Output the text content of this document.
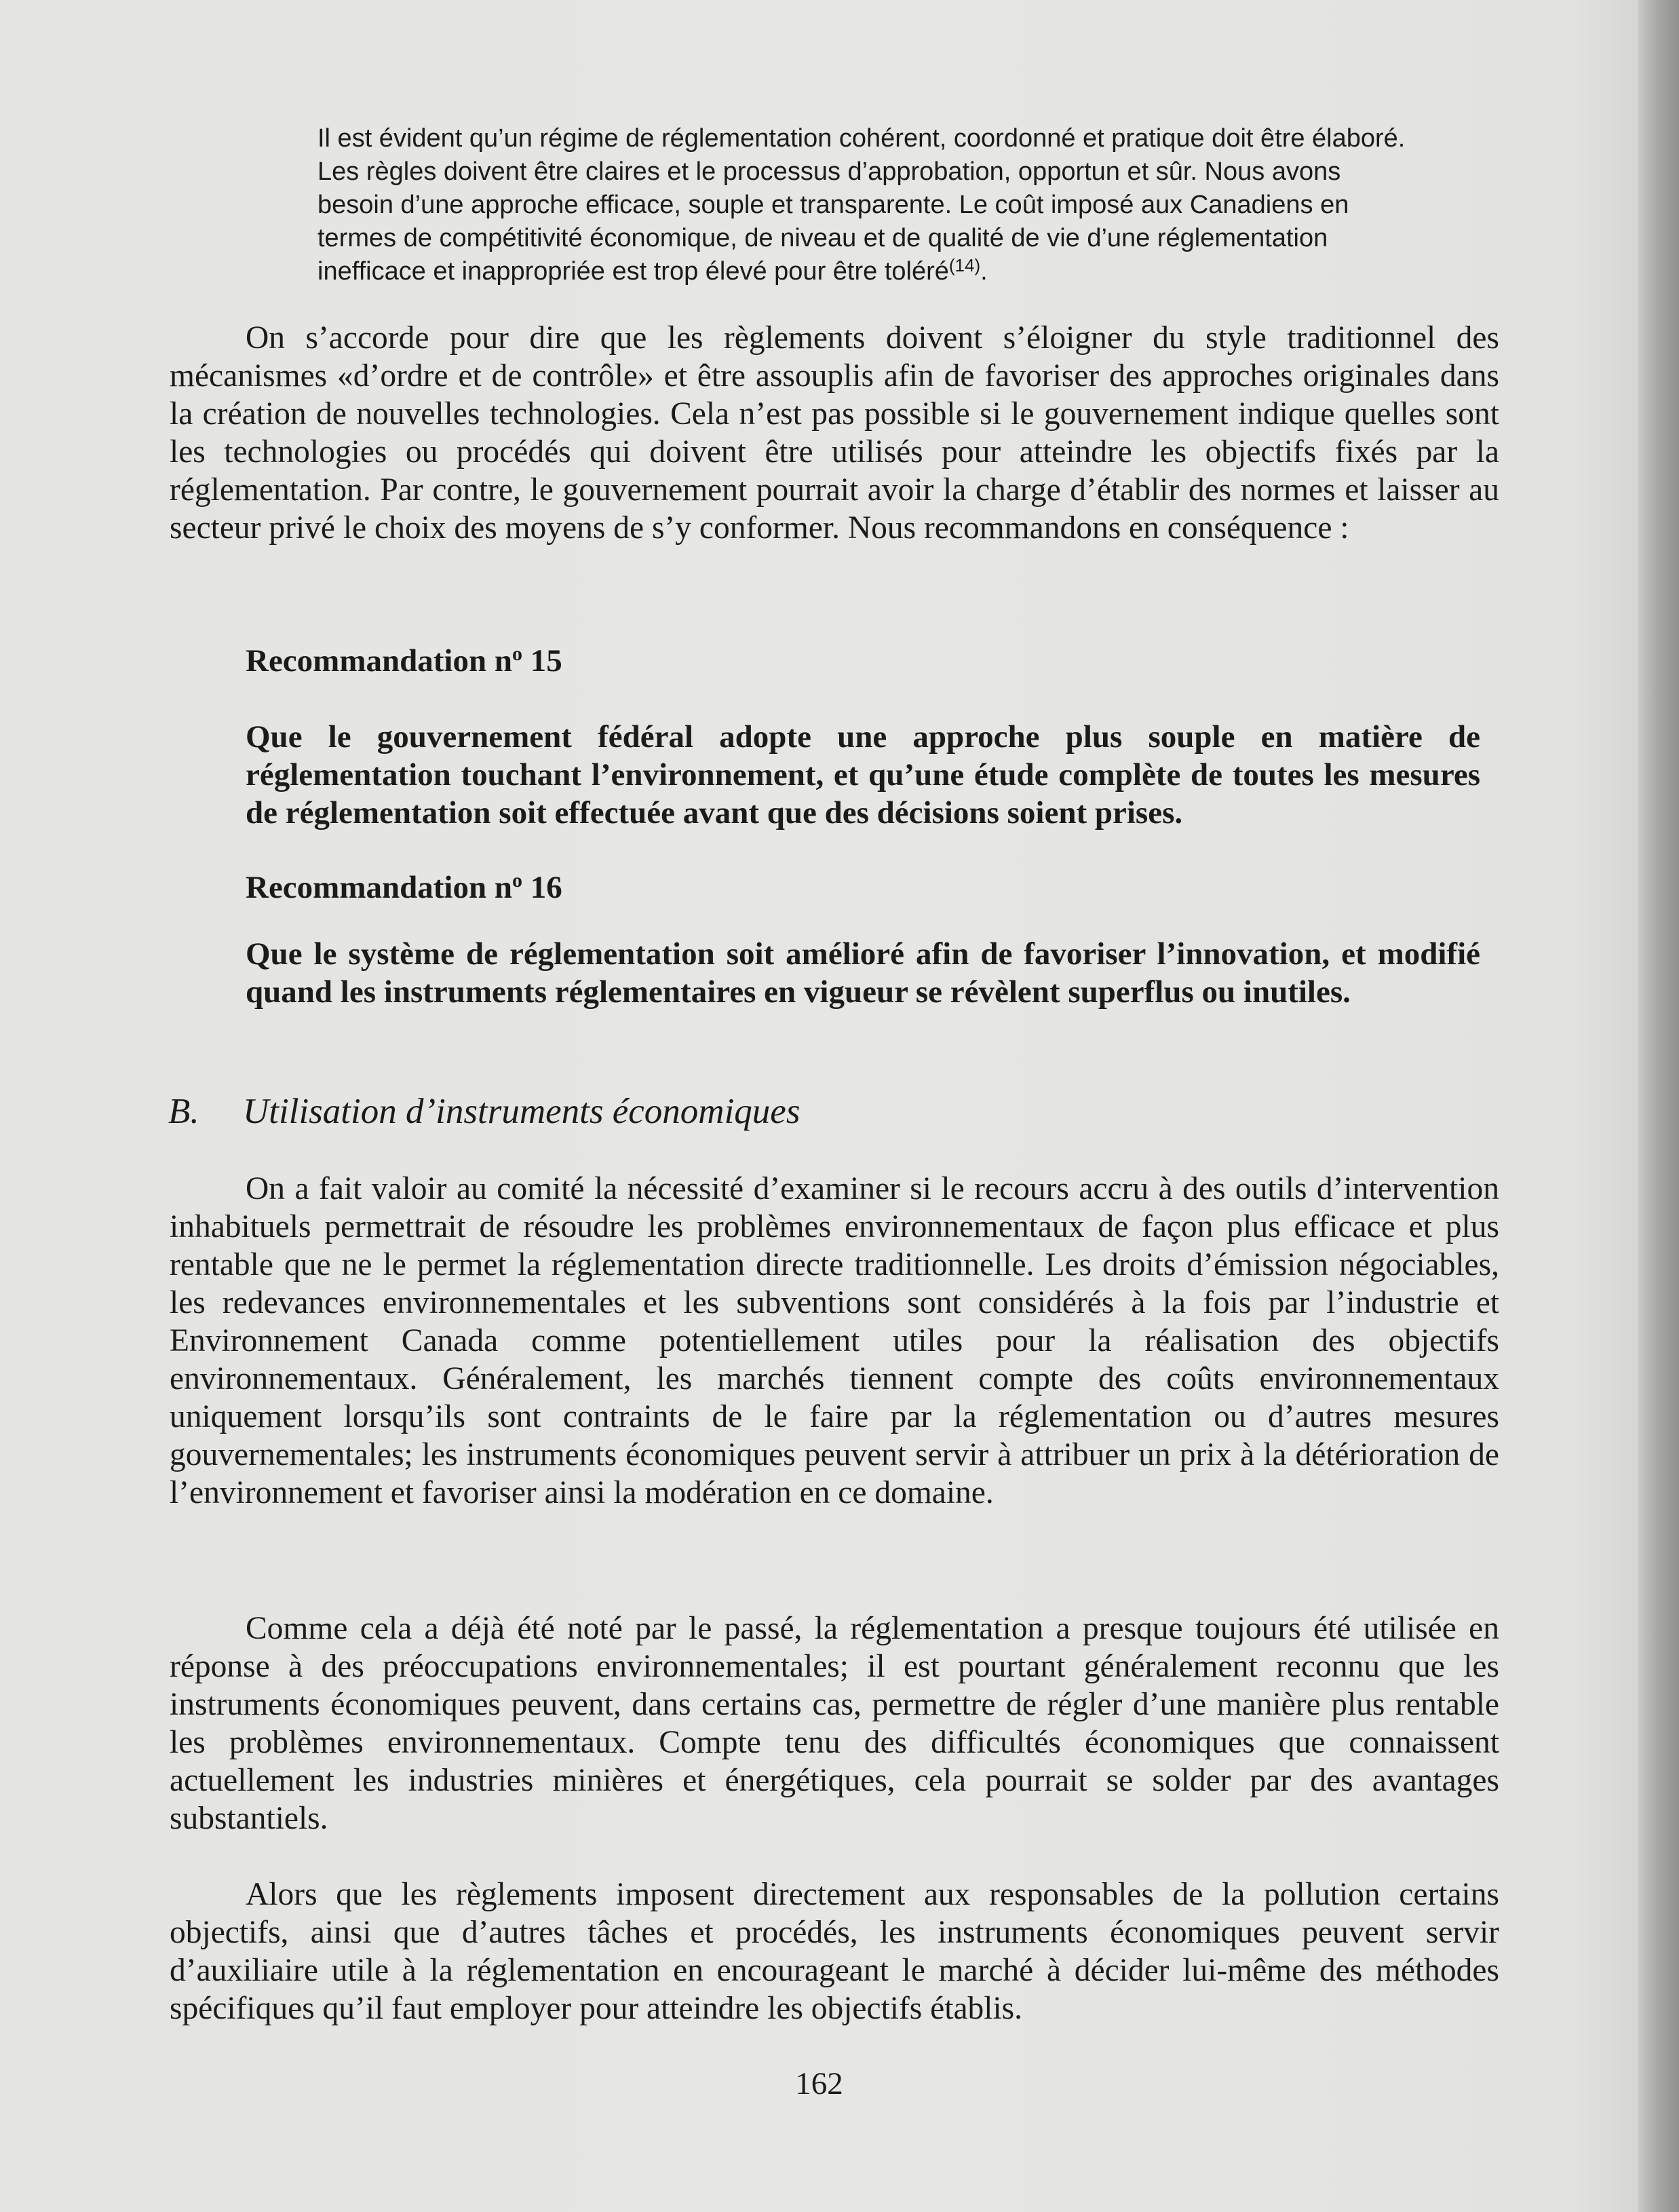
Il est évident qu’un régime de réglementation cohérent, coordonné et pratique doit être élaboré. Les règles doivent être claires et le processus d’approbation, opportun et sûr. Nous avons besoin d’une approche efficace, souple et transparente. Le coût imposé aux Canadiens en termes de compétitivité économique, de niveau et de qualité de vie d’une réglementation inefficace et inappropriée est trop élevé pour être toléré$^{(14)}$.

On s’accorde pour dire que les règlements doivent s’éloigner du style traditionnel des mécanismes «d’ordre et de contrôle» et être assouplis afin de favoriser des approches originales dans la création de nouvelles technologies. Cela n’est pas possible si le gouvernement indique quelles sont les technologies ou procédés qui doivent être utilisés pour atteindre les objectifs fixés par la réglementation. Par contre, le gouvernement pourrait avoir la charge d’établir des normes et laisser au secteur privé le choix des moyens de s’y conformer. Nous recommandons en conséquence :

Recommandation $n^o$ 15

Que le gouvernement fédéral adopte une approche plus souple en matière de réglementation touchant l’environnement, et qu’une étude complète de toutes les mesures de réglementation soit effectuée avant que des décisions soient prises.

Recommandation $n^o$ 16

Que le système de réglementation soit amélioré afin de favoriser l’innovation, et modifié quand les instruments réglementaires en vigueur se révèlent superflus ou inutiles.

B. Utilisation d’instruments économiques

On a fait valoir au comité la nécessité d’examiner si le recours accru à des outils d’intervention inhabituels permettrait de résoudre les problèmes environnementaux de façon plus efficace et plus rentable que ne le permet la réglementation directe traditionnelle. Les droits d’émission négociables, les redevances environnementales et les subventions sont considérés à la fois par l’industrie et Environnement Canada comme potentiellement utiles pour la réalisation des objectifs environnementaux. Généralement, les marchés tiennent compte des coûts environnementaux uniquement lorsqu’ils sont contraints de le faire par la réglementation ou d’autres mesures gouvernementales; les instruments économiques peuvent servir à attribuer un prix à la détérioration de l’environnement et favoriser ainsi la modération en ce domaine.

Comme cela a déjà été noté par le passé, la réglementation a presque toujours été utilisée en réponse à des préoccupations environnementales; il est pourtant généralement reconnu que les instruments économiques peuvent, dans certains cas, permettre de régler d’une manière plus rentable les problèmes environnementaux. Compte tenu des difficultés économiques que connaissent actuellement les industries minières et énergétiques, cela pourrait se solder par des avantages substantiels.

Alors que les règlements imposent directement aux responsables de la pollution certains objectifs, ainsi que d’autres tâches et procédés, les instruments économiques peuvent servir d’auxiliaire utile à la réglementation en encourageant le marché à décider lui-même des méthodes spécifiques qu’il faut employer pour atteindre les objectifs établis.

162
